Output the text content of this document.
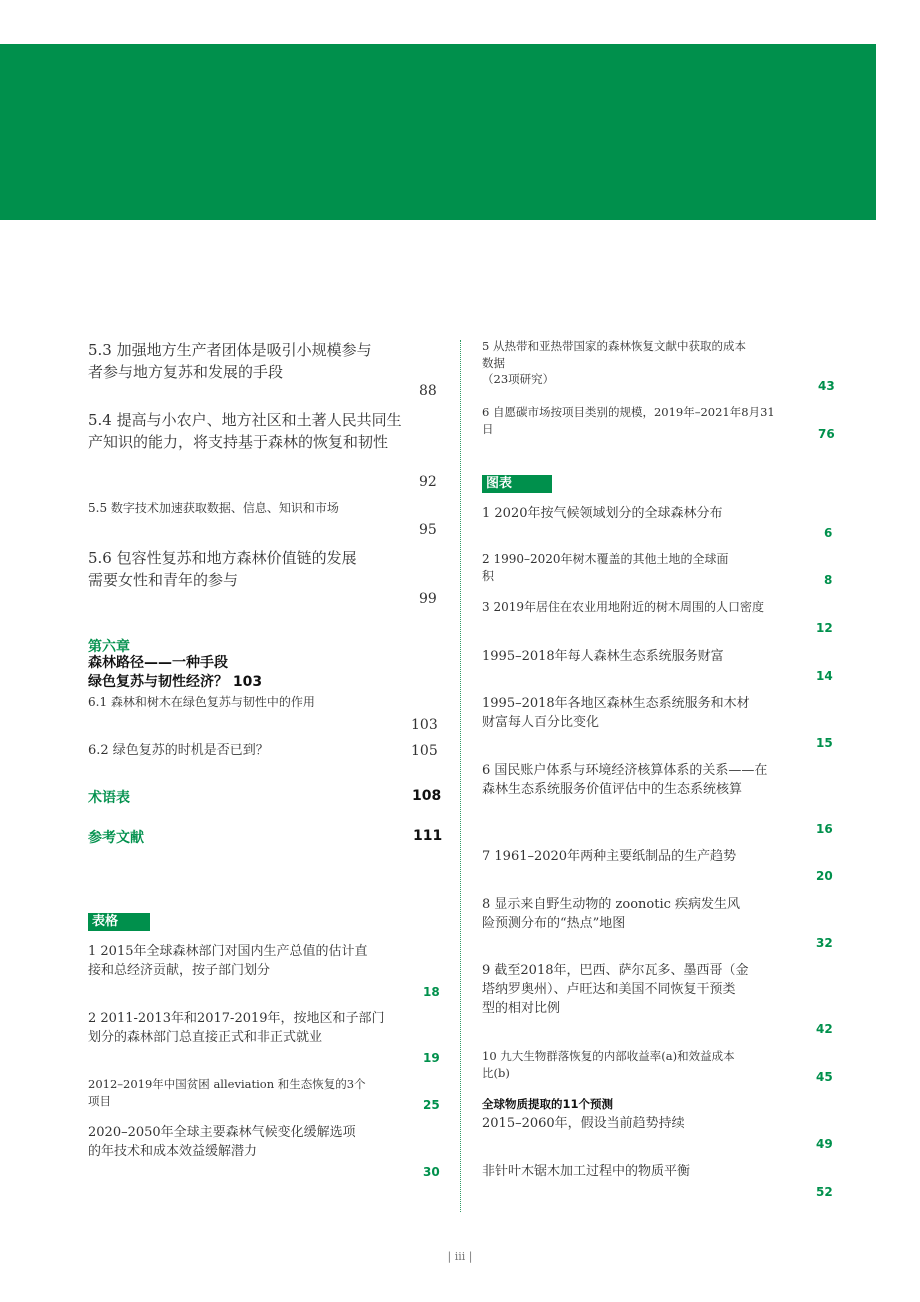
5.3 加强地方生产者团体是吸引小规模参与
者参与地方复苏和发展的手段
88
5.4 提高与小农户、地方社区和土著人民共同生
产知识的能力，将支持基于森林的恢复和韧性
92
5.5 数字技术加速获取数据、信息、知识和市场
95
5.6 包容性复苏和地方森林价值链的发展
需要女性和青年的参与
99
第六章
森林路径——一种手段
绿色复苏与韧性经济？ 103
6.1 森林和树木在绿色复苏与韧性中的作用
103
6.2 绿色复苏的时机是否已到？	105
术语表	108
参考文献	111
表格
1 2015年全球森林部门对国内生产总值的估计直
接和总经济贡献，按子部门划分
18
2 2011-2013年和2017-2019年，按地区和子部门
划分的森林部门总直接正式和非正式就业
19
2012–2019年中国贫困 alleviation 和生态恢复的3个
项目	25
2020–2050年全球主要森林气候变化缓解选项
的年技术和成本效益缓解潜力
30
5 从热带和亚热带国家的森林恢复文献中获取的成本
数据
（23项研究）	43
6 自愿碳市场按项目类别的规模，2019年–2021年8月31
日	76
图表
1 2020年按气候领域划分的全球森林分布
6
2 1990–2020年树木覆盖的其他土地的全球面
积	8
3 2019年居住在农业用地附近的树木周围的人口密度
12
1995–2018年每人森林生态系统服务财富
14
1995–2018年各地区森林生态系统服务和木材
财富每人百分比变化
15
6 国民账户体系与环境经济核算体系的关系——在
森林生态系统服务价值评估中的生态系统核算
16
7 1961–2020年两种主要纸制品的生产趋势
20
8 显示来自野生动物的 zoonotic 疾病发生风
险预测分布的“热点”地图
32
9 截至2018年，巴西、萨尔瓦多、墨西哥（金
塔纳罗奥州）、卢旺达和美国不同恢复干预类
型的相对比例
42
10 九大生物群落恢复的内部收益率(a)和效益成本
比(b)	45
全球物质提取的11个预测
2015–2060年，假设当前趋势持续
49
非针叶木锯木加工过程中的物质平衡
52
| iii |
